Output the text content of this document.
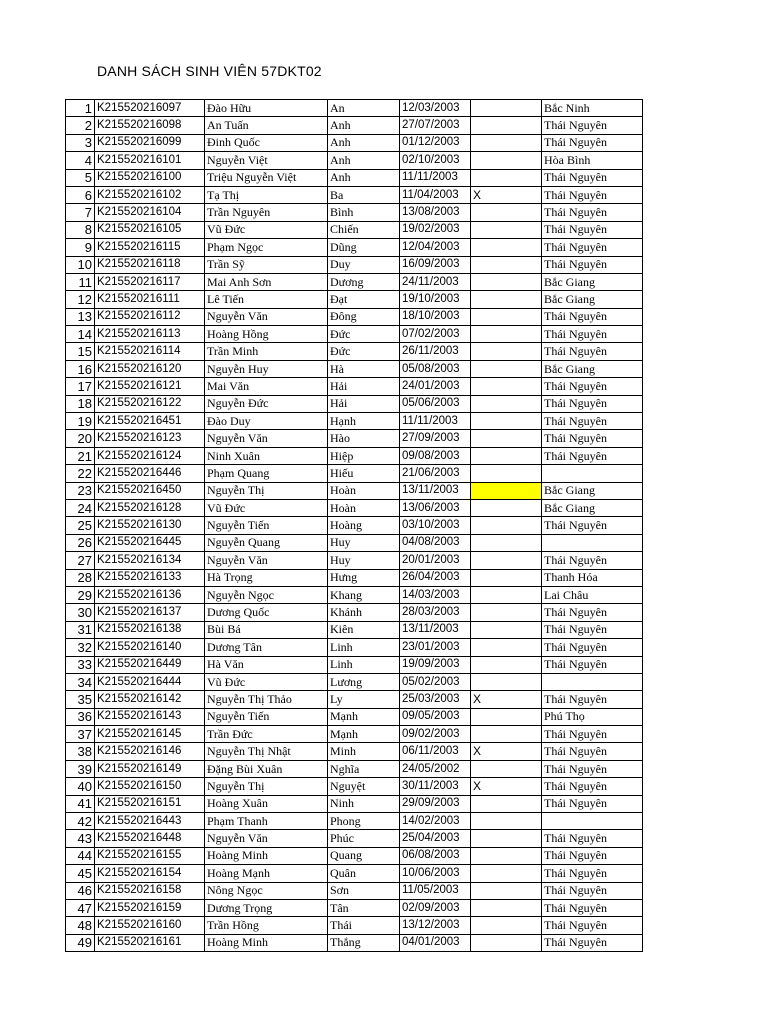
DANH SÁCH SINH VIÊN 57DKT02
1	K215520216097	Đào Hữu	An	12/03/2003		Bắc Ninh
2	K215520216098	An Tuấn	Anh	27/07/2003		Thái Nguyên
3	K215520216099	Đinh Quốc	Anh	01/12/2003		Thái Nguyên
4	K215520216101	Nguyễn Việt	Anh	02/10/2003		Hòa Bình
5	K215520216100	Triệu Nguyễn Việt	Anh	11/11/2003		Thái Nguyên
6	K215520216102	Tạ Thị	Ba	11/04/2003	X	Thái Nguyên
7	K215520216104	Trần Nguyên	Bình	13/08/2003		Thái Nguyên
8	K215520216105	Vũ Đức	Chiến	19/02/2003		Thái Nguyên
9	K215520216115	Phạm Ngọc	Dũng	12/04/2003		Thái Nguyên
10	K215520216118	Trần Sỹ	Duy	16/09/2003		Thái Nguyên
11	K215520216117	Mai Anh Sơn	Dương	24/11/2003		Bắc Giang
12	K215520216111	Lê Tiến	Đạt	19/10/2003		Bắc Giang
13	K215520216112	Nguyễn Văn	Đông	18/10/2003		Thái Nguyên
14	K215520216113	Hoàng Hồng	Đức	07/02/2003		Thái Nguyên
15	K215520216114	Trần Minh	Đức	26/11/2003		Thái Nguyên
16	K215520216120	Nguyễn Huy	Hà	05/08/2003		Bắc Giang
17	K215520216121	Mai Văn	Hải	24/01/2003		Thái Nguyên
18	K215520216122	Nguyễn Đức	Hải	05/06/2003		Thái Nguyên
19	K215520216451	Đào Duy	Hạnh	11/11/2003		Thái Nguyên
20	K215520216123	Nguyễn Văn	Hào	27/09/2003		Thái Nguyên
21	K215520216124	Ninh Xuân	Hiệp	09/08/2003		Thái Nguyên
22	K215520216446	Phạm Quang	Hiếu	21/06/2003		
23	K215520216450	Nguyễn Thị	Hoàn	13/11/2003		Bắc Giang
24	K215520216128	Vũ Đức	Hoàn	13/06/2003		Bắc Giang
25	K215520216130	Nguyễn Tiến	Hoàng	03/10/2003		Thái Nguyên
26	K215520216445	Nguyễn Quang	Huy	04/08/2003		
27	K215520216134	Nguyễn Văn	Huy	20/01/2003		Thái Nguyên
28	K215520216133	Hà Trọng	Hưng	26/04/2003		Thanh Hóa
29	K215520216136	Nguyễn Ngọc	Khang	14/03/2003		Lai Châu
30	K215520216137	Dương Quốc	Khánh	28/03/2003		Thái Nguyên
31	K215520216138	Bùi Bá	Kiên	13/11/2003		Thái Nguyên
32	K215520216140	Dương Tân	Linh	23/01/2003		Thái Nguyên
33	K215520216449	Hà Văn	Linh	19/09/2003		Thái Nguyên
34	K215520216444	Vũ Đức	Lương	05/02/2003		
35	K215520216142	Nguyễn Thị Thảo	Ly	25/03/2003	X	Thái Nguyên
36	K215520216143	Nguyễn Tiến	Mạnh	09/05/2003		Phú Thọ
37	K215520216145	Trần Đức	Mạnh	09/02/2003		Thái Nguyên
38	K215520216146	Nguyễn Thị Nhật	Minh	06/11/2003	X	Thái Nguyên
39	K215520216149	Đặng Bùi Xuân	Nghĩa	24/05/2002		Thái Nguyên
40	K215520216150	Nguyễn Thị	Nguyệt	30/11/2003	X	Thái Nguyên
41	K215520216151	Hoàng Xuân	Ninh	29/09/2003		Thái Nguyên
42	K215520216443	Phạm Thanh	Phong	14/02/2003		
43	K215520216448	Nguyễn Văn	Phúc	25/04/2003		Thái Nguyên
44	K215520216155	Hoàng Minh	Quang	06/08/2003		Thái Nguyên
45	K215520216154	Hoàng Mạnh	Quân	10/06/2003		Thái Nguyên
46	K215520216158	Nông Ngọc	Sơn	11/05/2003		Thái Nguyên
47	K215520216159	Dương Trọng	Tân	02/09/2003		Thái Nguyên
48	K215520216160	Trần Hồng	Thái	13/12/2003		Thái Nguyên
49	K215520216161	Hoàng Minh	Thắng	04/01/2003		Thái Nguyên
